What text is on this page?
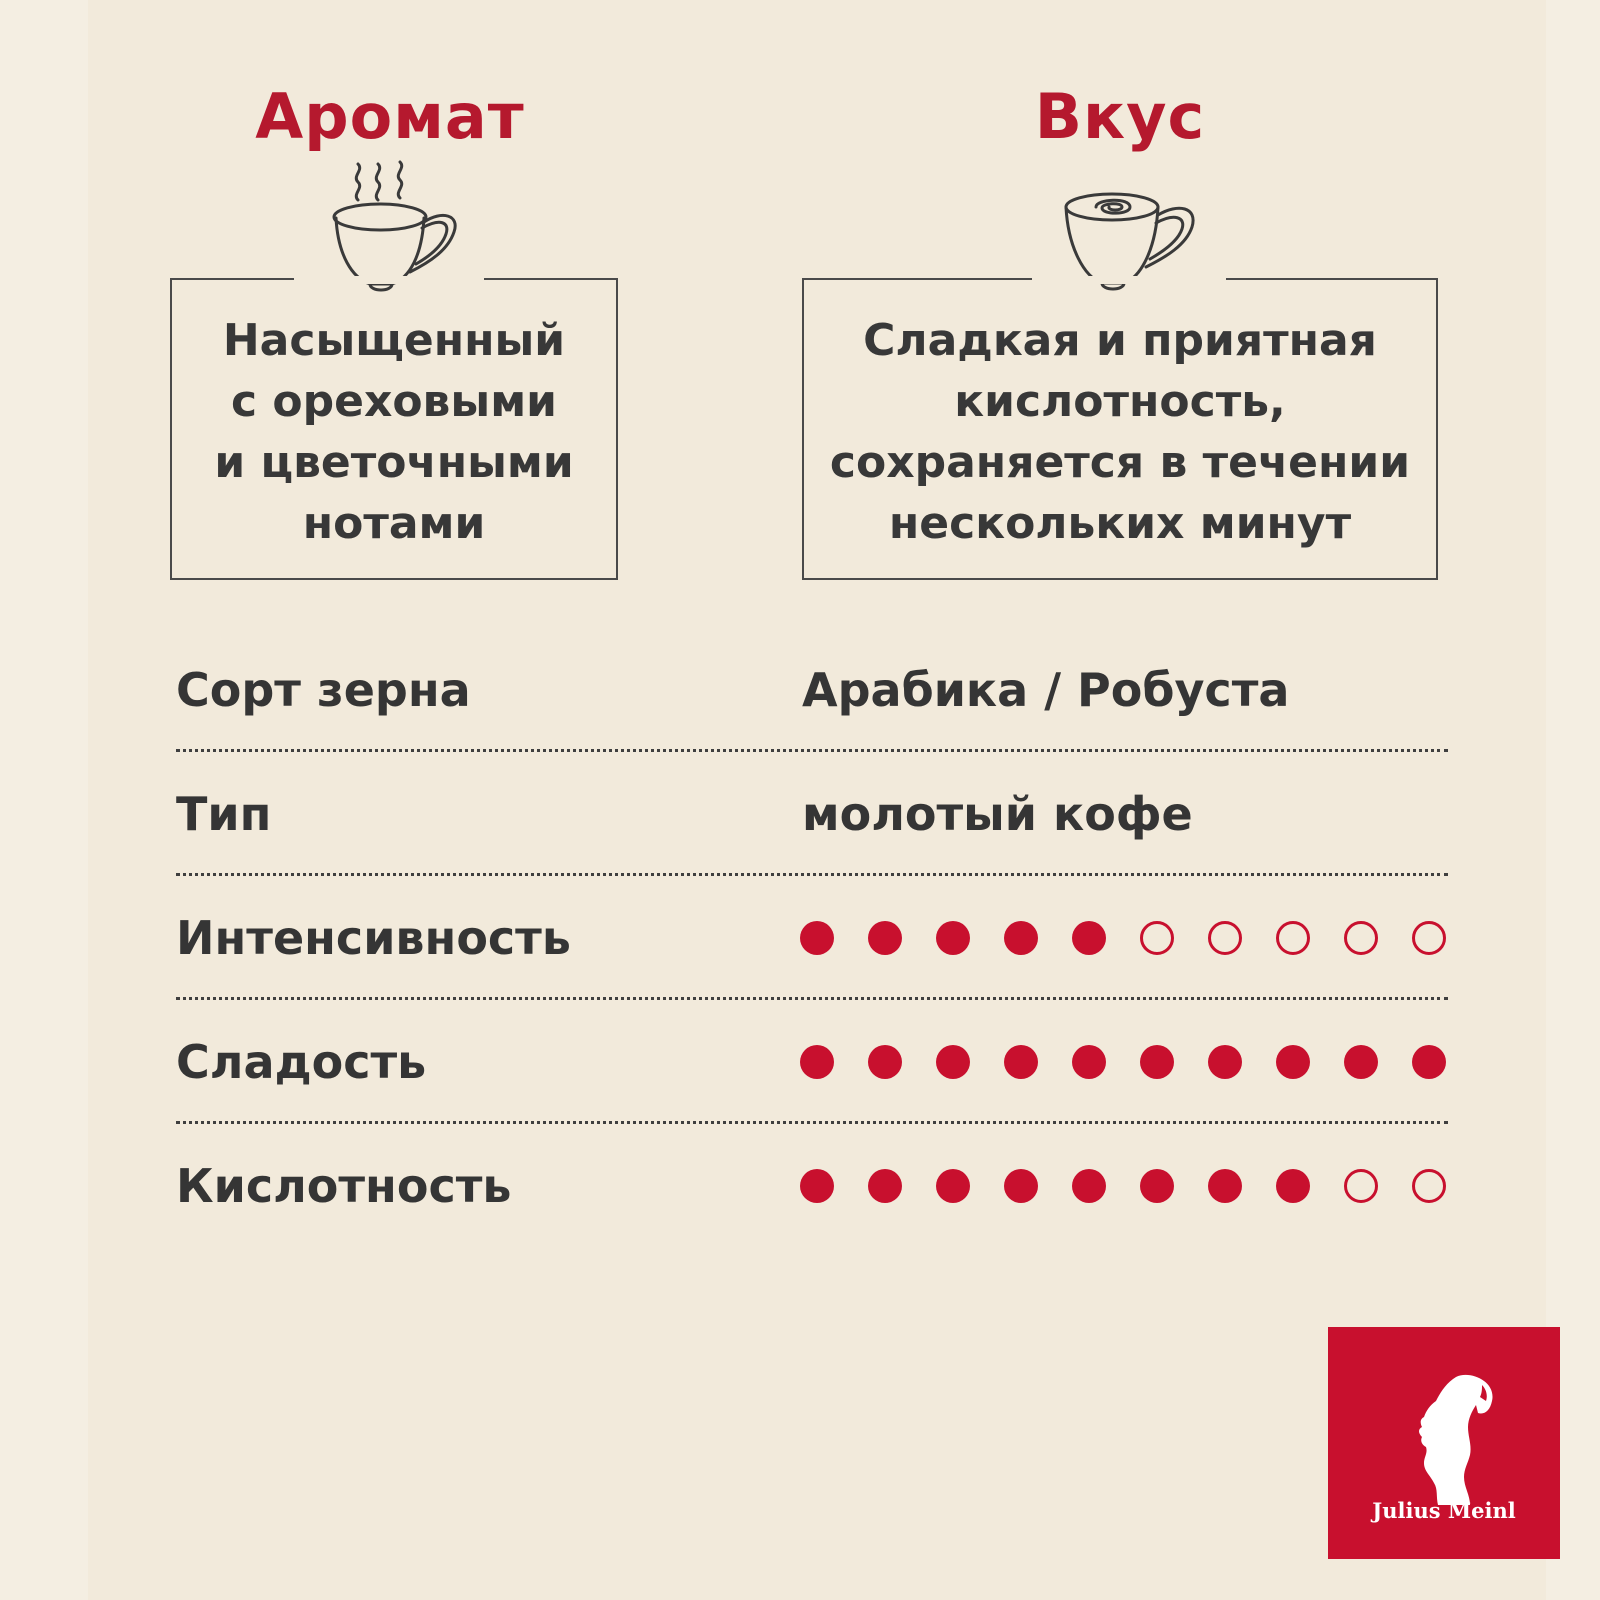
Аромат
Насыщенный
с ореховыми
и цветочными
нотами
Вкус
Сладкая и приятная
кислотность,
сохраняется в течении
нескольких минут
Сорт зерна	Арабика / Робуста
Тип	молотый кофе
Интенсивность
Сладость
Кислотность
Julius Meinl
